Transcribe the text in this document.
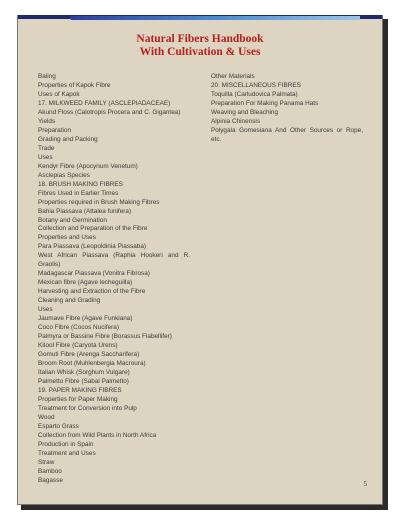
Natural Fibers Handbook
With Cultivation & Uses
Baling
Properties of Kapok Fibre
Uses of Kapok
17. MILKWEED FAMILY (ASCLEPIADACEAE)
Akund Floss (Calotropis Procera and C. Gigantea)
Yields
Preparation
Grading and Packing
Trade
Uses
Kendyr Fibre (Apocynum Venetum)
Asclepias Species
18. BRUSH MAKING FIBRES
Fibres Used in Earlier Times
Properties required in Brush Making Fibres
Bahia Piassava (Attalea funifera)
Botany and Germination
Collection and Preparation of the Fibre
Properties and Uses
Para Piassava (Leopoldinia Piassaba)
West African Piassava (Raphia Hookeri and R.
Graolis)
Madagascar Piassava (Vonitra Fibrosa)
Mexican fibre (Agave lecheguilla)
Harvesting and Extraction of the Fibre
Cleaning and Grading
Uses
Jaumave Fibre (Agave Funkiana)
Coco Fibre (Cocos Nucifera)
Palmyra or Bassine Fibre (Borassus Flabellifer)
Kitool Fibre (Caryota Urens)
Gomuti Fibre (Arenga Saccharifera)
Broom Root (Muhlenbergia Macroura)
Italian Whisk (Sorghum Vulgare)
Palmetto Fibre (Sabal Palmetto)
19. PAPER MAKING FIBRES
Properties for Paper Making
Treatment for Conversion into Pulp
Wood
Esparto Grass
Collection from Wild Plants in North Africa
Production in Spain
Treatment and Uses
Straw
Bamboo
Bagasse
Other Materials
20. MISCELLANEOUS FIBRES
Toquilla (Carludovica Palmata)
Preparation For Making Panama Hats
Weaving and Bleaching
Alpinia Chinensis
Polygala Gomesiana And Other Sources or Rope,
etc.
5
